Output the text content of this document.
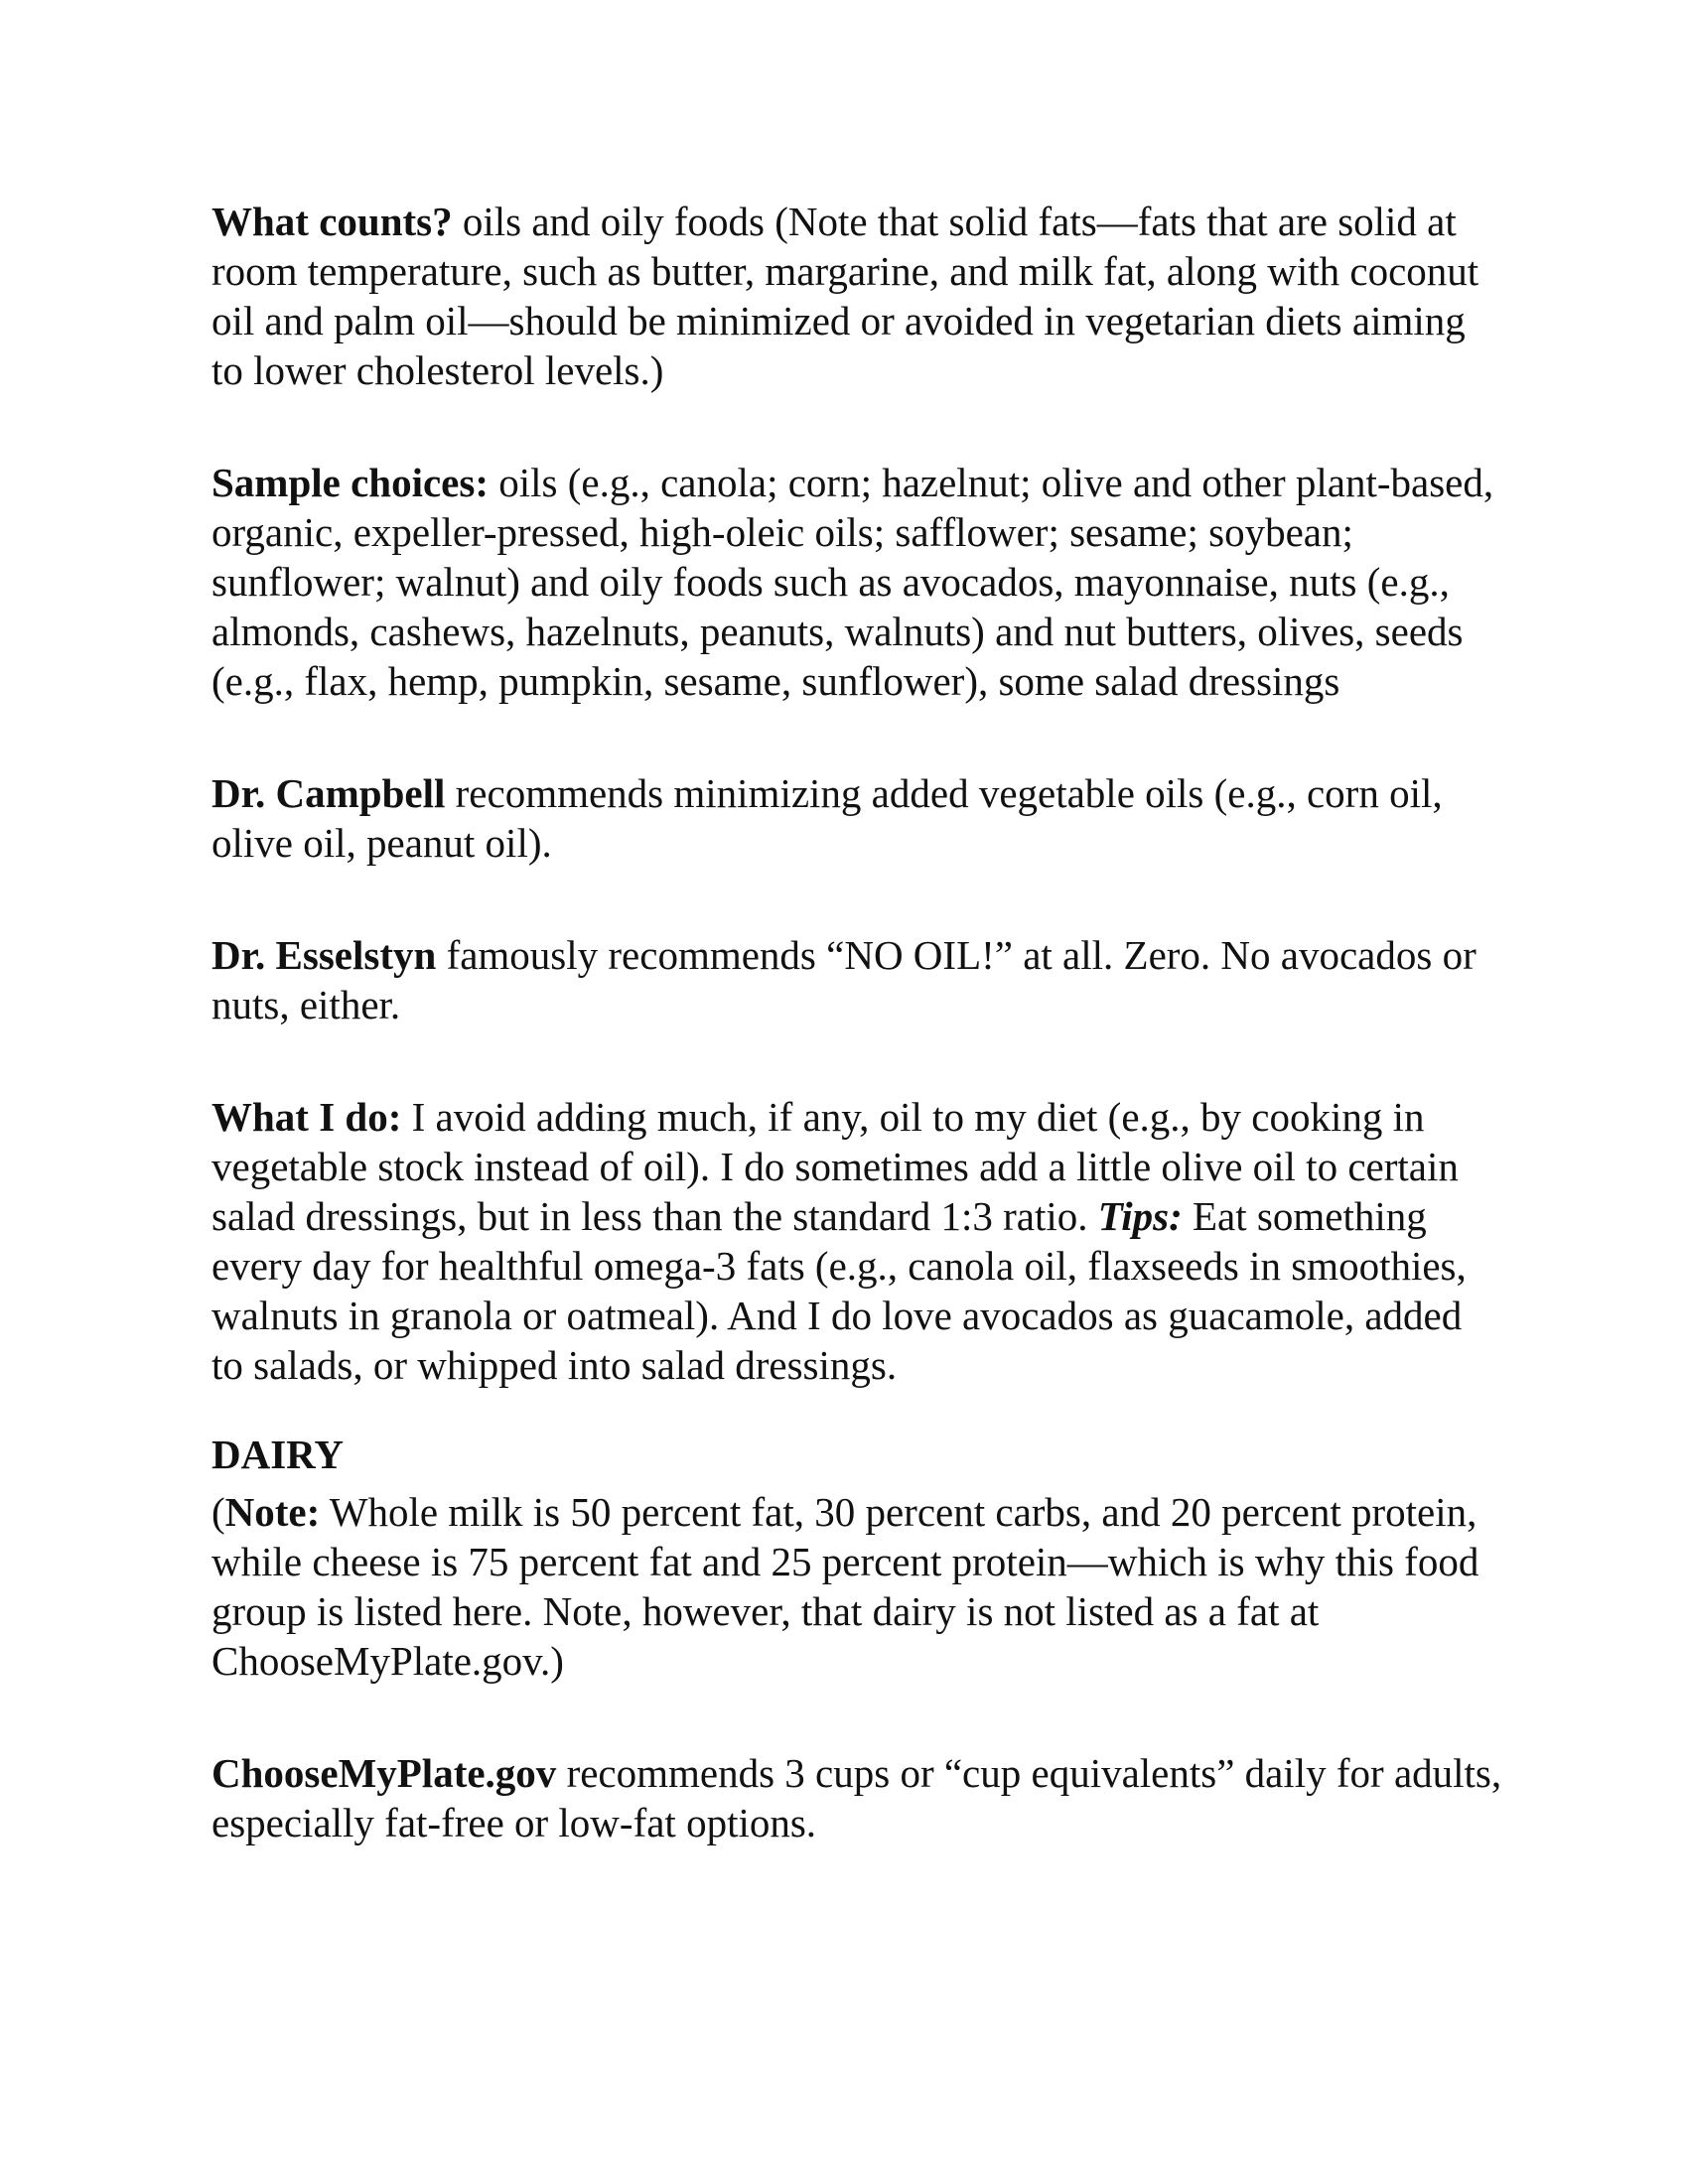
What counts? oils and oily foods (Note that solid fats—fats that are solid at room temperature, such as butter, margarine, and milk fat, along with coconut oil and palm oil—should be minimized or avoided in vegetarian diets aiming to lower cholesterol levels.)

Sample choices: oils (e.g., canola; corn; hazelnut; olive and other plant-based, organic, expeller-pressed, high-oleic oils; safflower; sesame; soybean; sunflower; walnut) and oily foods such as avocados, mayonnaise, nuts (e.g., almonds, cashews, hazelnuts, peanuts, walnuts) and nut butters, olives, seeds (e.g., flax, hemp, pumpkin, sesame, sunflower), some salad dressings

Dr. Campbell recommends minimizing added vegetable oils (e.g., corn oil, olive oil, peanut oil).

Dr. Esselstyn famously recommends “NO OIL!” at all. Zero. No avocados or nuts, either.

What I do: I avoid adding much, if any, oil to my diet (e.g., by cooking in vegetable stock instead of oil). I do sometimes add a little olive oil to certain salad dressings, but in less than the standard 1:3 ratio. Tips: Eat something every day for healthful omega-3 fats (e.g., canola oil, flaxseeds in smoothies, walnuts in granola or oatmeal). And I do love avocados as guacamole, added to salads, or whipped into salad dressings.

DAIRY

(Note: Whole milk is 50 percent fat, 30 percent carbs, and 20 percent protein, while cheese is 75 percent fat and 25 percent protein—which is why this food group is listed here. Note, however, that dairy is not listed as a fat at ChooseMyPlate.gov.)

ChooseMyPlate.gov recommends 3 cups or “cup equivalents” daily for adults, especially fat-free or low-fat options.
